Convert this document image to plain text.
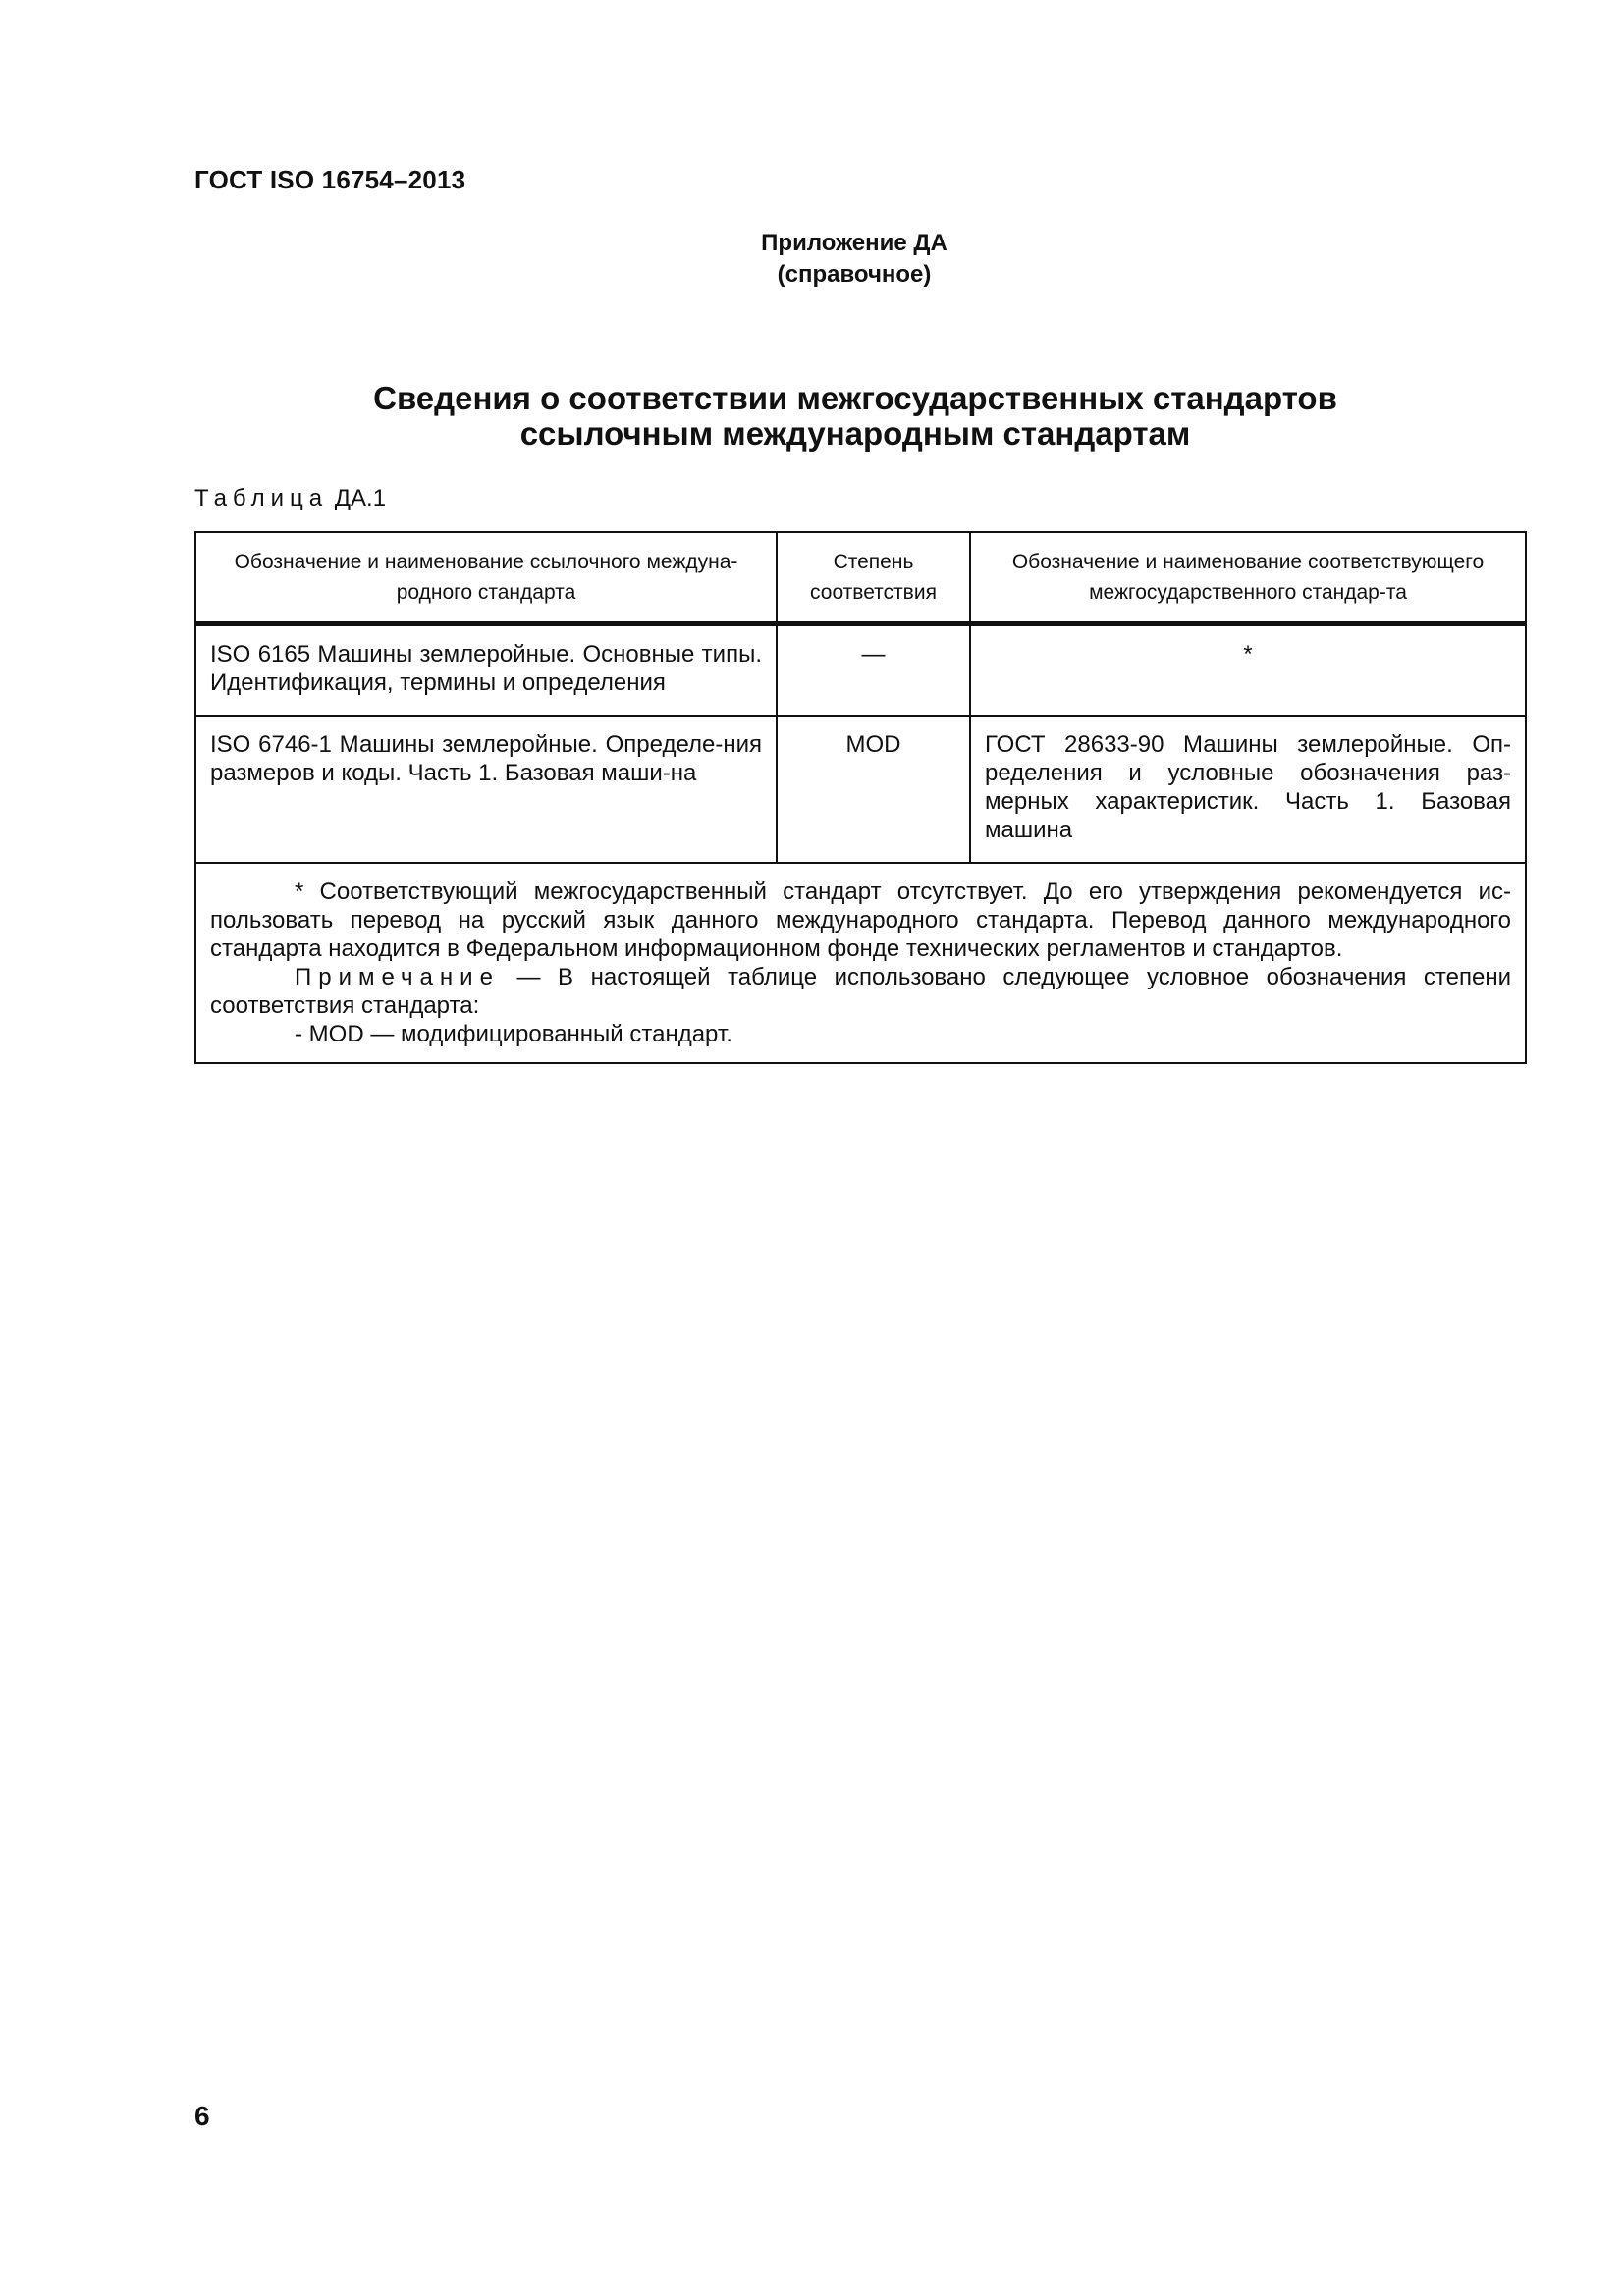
ГОСТ ISO 16754–2013
Приложение ДА
(справочное)
Сведения о соответствии межгосударственных стандартов
ссылочным международным стандартам
Таблица ДА.1
Обозначение и наименование ссылочного междуна-родного стандарта	Степень соответствия	Обозначение и наименование соответствующего межгосударственного стандар-та
ISO 6165 Машины землеройные. Основные типы. Идентификация, термины и определения	—	*
ISO 6746-1 Машины землеройные. Определе-ния размеров и коды. Часть 1. Базовая маши-на	MOD	ГОСТ 28633-90 Машины землеройные. Оп-ределения и условные обозначения раз-мерных характеристик. Часть 1. Базовая машина

* Соответствующий межгосударственный стандарт отсутствует. До его утверждения рекомендуется ис-пользовать перевод на русский язык данного международного стандарта. Перевод данного международного стандарта находится в Федеральном информационном фонде технических регламентов и стандартов.
Примечание — В настоящей таблице использовано следующее условное обозначения степени соответствия стандарта:
- MOD — модифицированный стандарт.		
6
